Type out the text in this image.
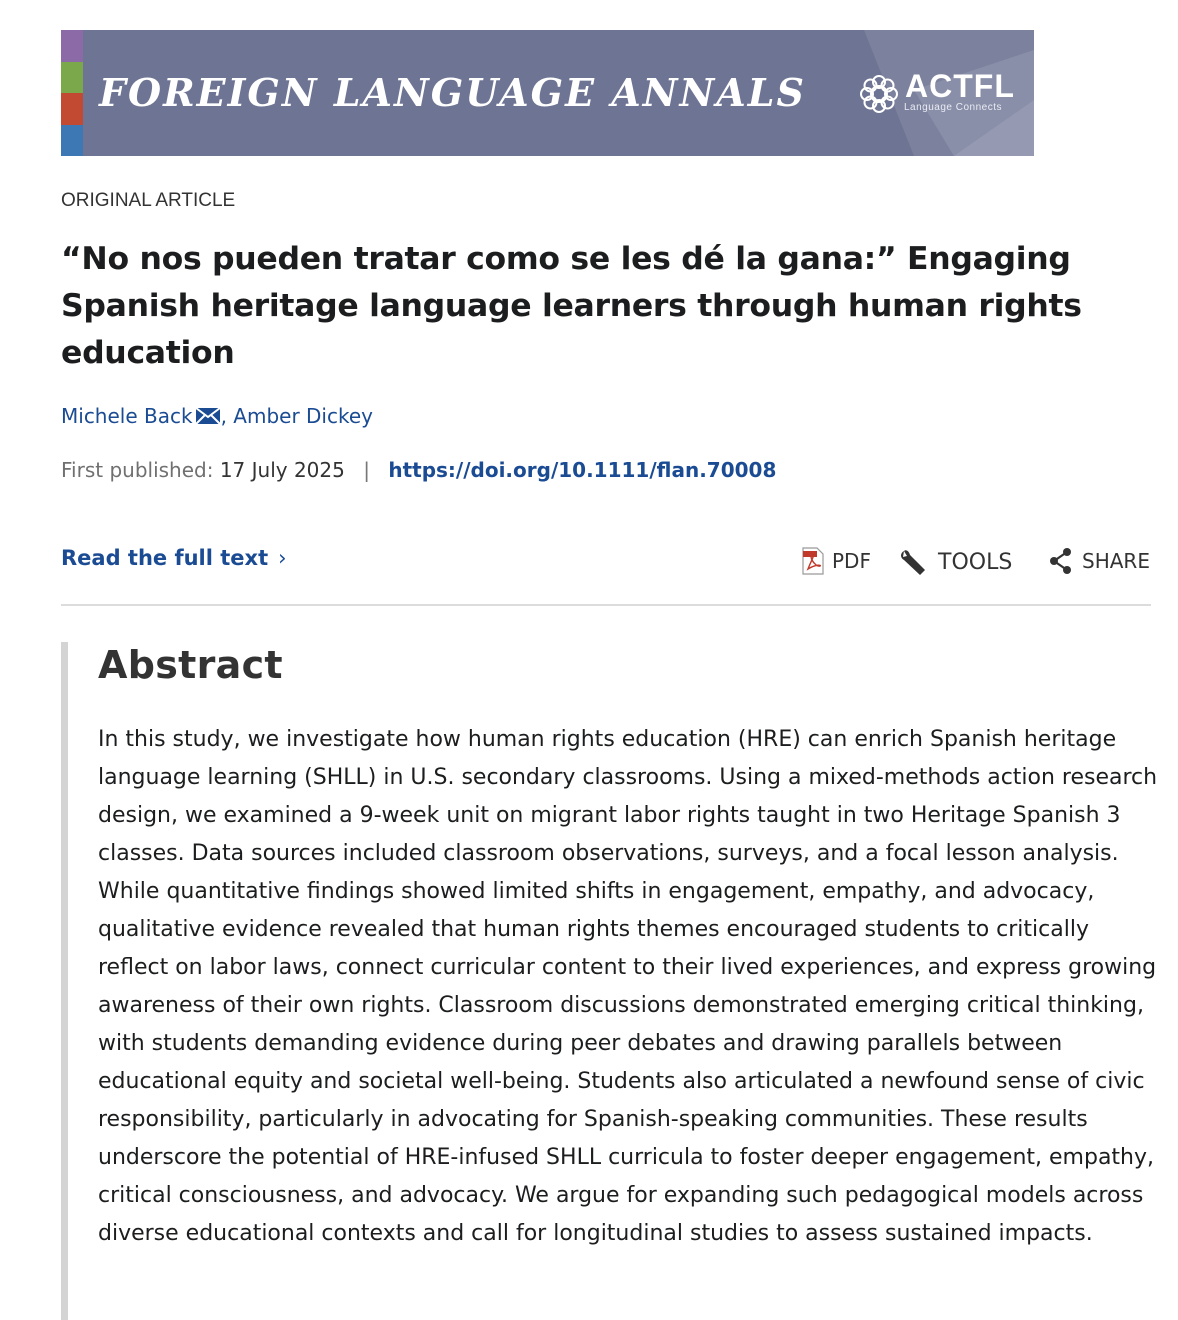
FOREIGN LANGUAGE ANNALS	ACTFL
Language Connects
ORIGINAL ARTICLE
“No nos pueden tratar como se les dé la gana:” Engaging Spanish heritage language learners through human rights education
Michele Back , Amber Dickey
First published: 17 July 2025 | https://doi.org/10.1111/flan.70008
Read the full text ›	PDF	TOOLS	SHARE
Abstract
In this study, we investigate how human rights education (HRE) can enrich Spanish heritage language learning (SHLL) in U.S. secondary classrooms. Using a mixed-methods action research design, we examined a 9-week unit on migrant labor rights taught in two Heritage Spanish 3 classes. Data sources included classroom observations, surveys, and a focal lesson analysis. While quantitative findings showed limited shifts in engagement, empathy, and advocacy, qualitative evidence revealed that human rights themes encouraged students to critically reflect on labor laws, connect curricular content to their lived experiences, and express growing awareness of their own rights. Classroom discussions demonstrated emerging critical thinking, with students demanding evidence during peer debates and drawing parallels between educational equity and societal well-being. Students also articulated a newfound sense of civic responsibility, particularly in advocating for Spanish-speaking communities. These results underscore the potential of HRE-infused SHLL curricula to foster deeper engagement, empathy, critical consciousness, and advocacy. We argue for expanding such pedagogical models across diverse educational contexts and call for longitudinal studies to assess sustained impacts.
